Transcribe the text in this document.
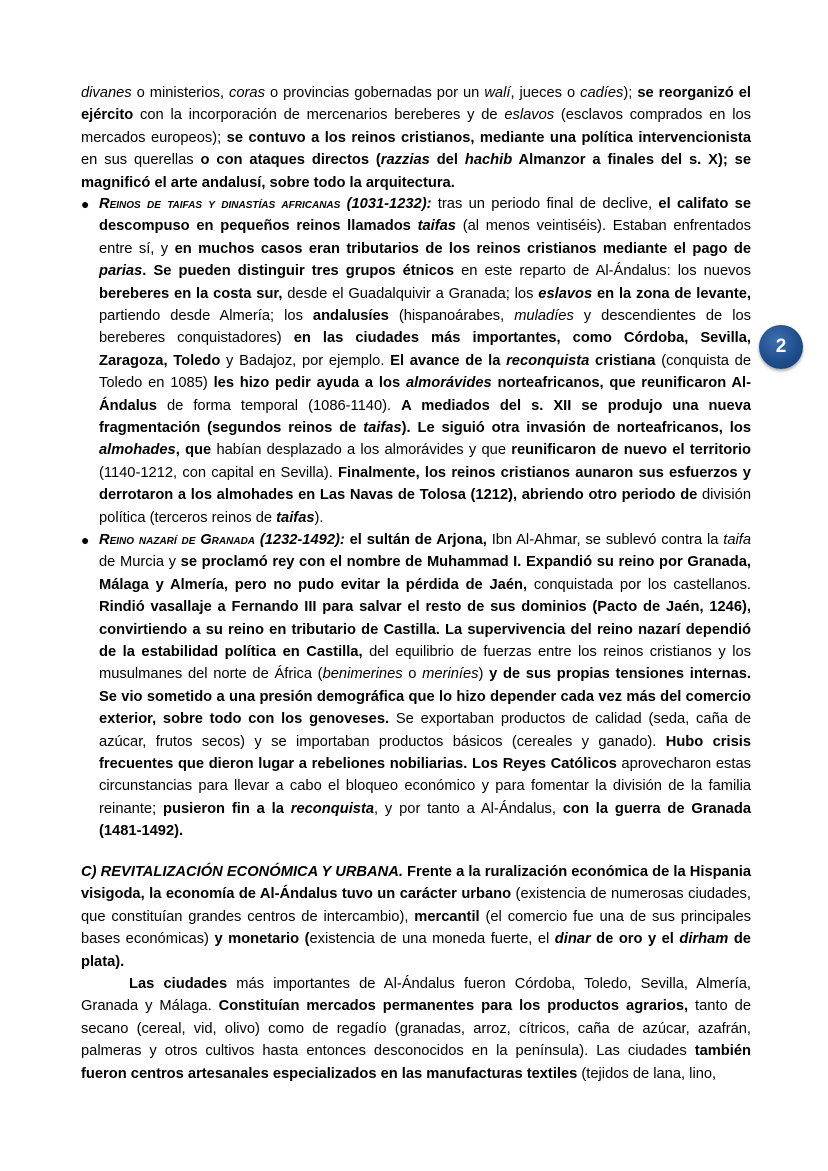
divanes o ministerios, coras o provincias gobernadas por un walí, jueces o cadíes); se reorganizó el ejército con la incorporación de mercenarios bereberes y de eslavos (esclavos comprados en los mercados europeos); se contuvo a los reinos cristianos, mediante una política intervencionista en sus querellas o con ataques directos (razzias del hachib Almanzor a finales del s. X); se magnificó el arte andalusí, sobre todo la arquitectura.

● Reinos de taifas y dinastías africanas (1031-1232): tras un periodo final de declive, el califato se descompuso en pequeños reinos llamados taifas (al menos veintiséis). Estaban enfrentados entre sí, y en muchos casos eran tributarios de los reinos cristianos mediante el pago de parias. Se pueden distinguir tres grupos étnicos en este reparto de Al-Ándalus: los nuevos bereberes en la costa sur, desde el Guadalquivir a Granada; los eslavos en la zona de levante, partiendo desde Almería; los andalusíes (hispanoárabes, muladíes y descendientes de los bereberes conquistadores) en las ciudades más importantes, como Córdoba, Sevilla, Zaragoza, Toledo y Badajoz, por ejemplo. El avance de la reconquista cristiana (conquista de Toledo en 1085) les hizo pedir ayuda a los almorávides norteafricanos, que reunificaron Al-Ándalus de forma temporal (1086-1140). A mediados del s. XII se produjo una nueva fragmentación (segundos reinos de taifas). Le siguió otra invasión de norteafricanos, los almohades, que habían desplazado a los almorávides y que reunificaron de nuevo el territorio (1140-1212, con capital en Sevilla). Finalmente, los reinos cristianos aunaron sus esfuerzos y derrotaron a los almohades en Las Navas de Tolosa (1212), abriendo otro periodo de división política (terceros reinos de taifas).

● Reino nazarí de Granada (1232-1492): el sultán de Arjona, Ibn Al-Ahmar, se sublevó contra la taifa de Murcia y se proclamó rey con el nombre de Muhammad I. Expandió su reino por Granada, Málaga y Almería, pero no pudo evitar la pérdida de Jaén, conquistada por los castellanos. Rindió vasallaje a Fernando III para salvar el resto de sus dominios (Pacto de Jaén, 1246), convirtiendo a su reino en tributario de Castilla. La supervivencia del reino nazarí dependió de la estabilidad política en Castilla, del equilibrio de fuerzas entre los reinos cristianos y los musulmanes del norte de África (benimerines o meriníes) y de sus propias tensiones internas. Se vio sometido a una presión demográfica que lo hizo depender cada vez más del comercio exterior, sobre todo con los genoveses. Se exportaban productos de calidad (seda, caña de azúcar, frutos secos) y se importaban productos básicos (cereales y ganado). Hubo crisis frecuentes que dieron lugar a rebeliones nobiliarias. Los Reyes Católicos aprovecharon estas circunstancias para llevar a cabo el bloqueo económico y para fomentar la división de la familia reinante; pusieron fin a la reconquista, y por tanto a Al-Ándalus, con la guerra de Granada (1481-1492).

C) REVITALIZACIÓN ECONÓMICA Y URBANA. Frente a la ruralización económica de la Hispania visigoda, la economía de Al-Ándalus tuvo un carácter urbano (existencia de numerosas ciudades, que constituían grandes centros de intercambio), mercantil (el comercio fue una de sus principales bases económicas) y monetario (existencia de una moneda fuerte, el dinar de oro y el dirham de plata).

Las ciudades más importantes de Al-Ándalus fueron Córdoba, Toledo, Sevilla, Almería, Granada y Málaga. Constituían mercados permanentes para los productos agrarios, tanto de secano (cereal, vid, olivo) como de regadío (granadas, arroz, cítricos, caña de azúcar, azafrán, palmeras y otros cultivos hasta entonces desconocidos en la península). Las ciudades también fueron centros artesanales especializados en las manufacturas textiles (tejidos de lana, lino,

2
